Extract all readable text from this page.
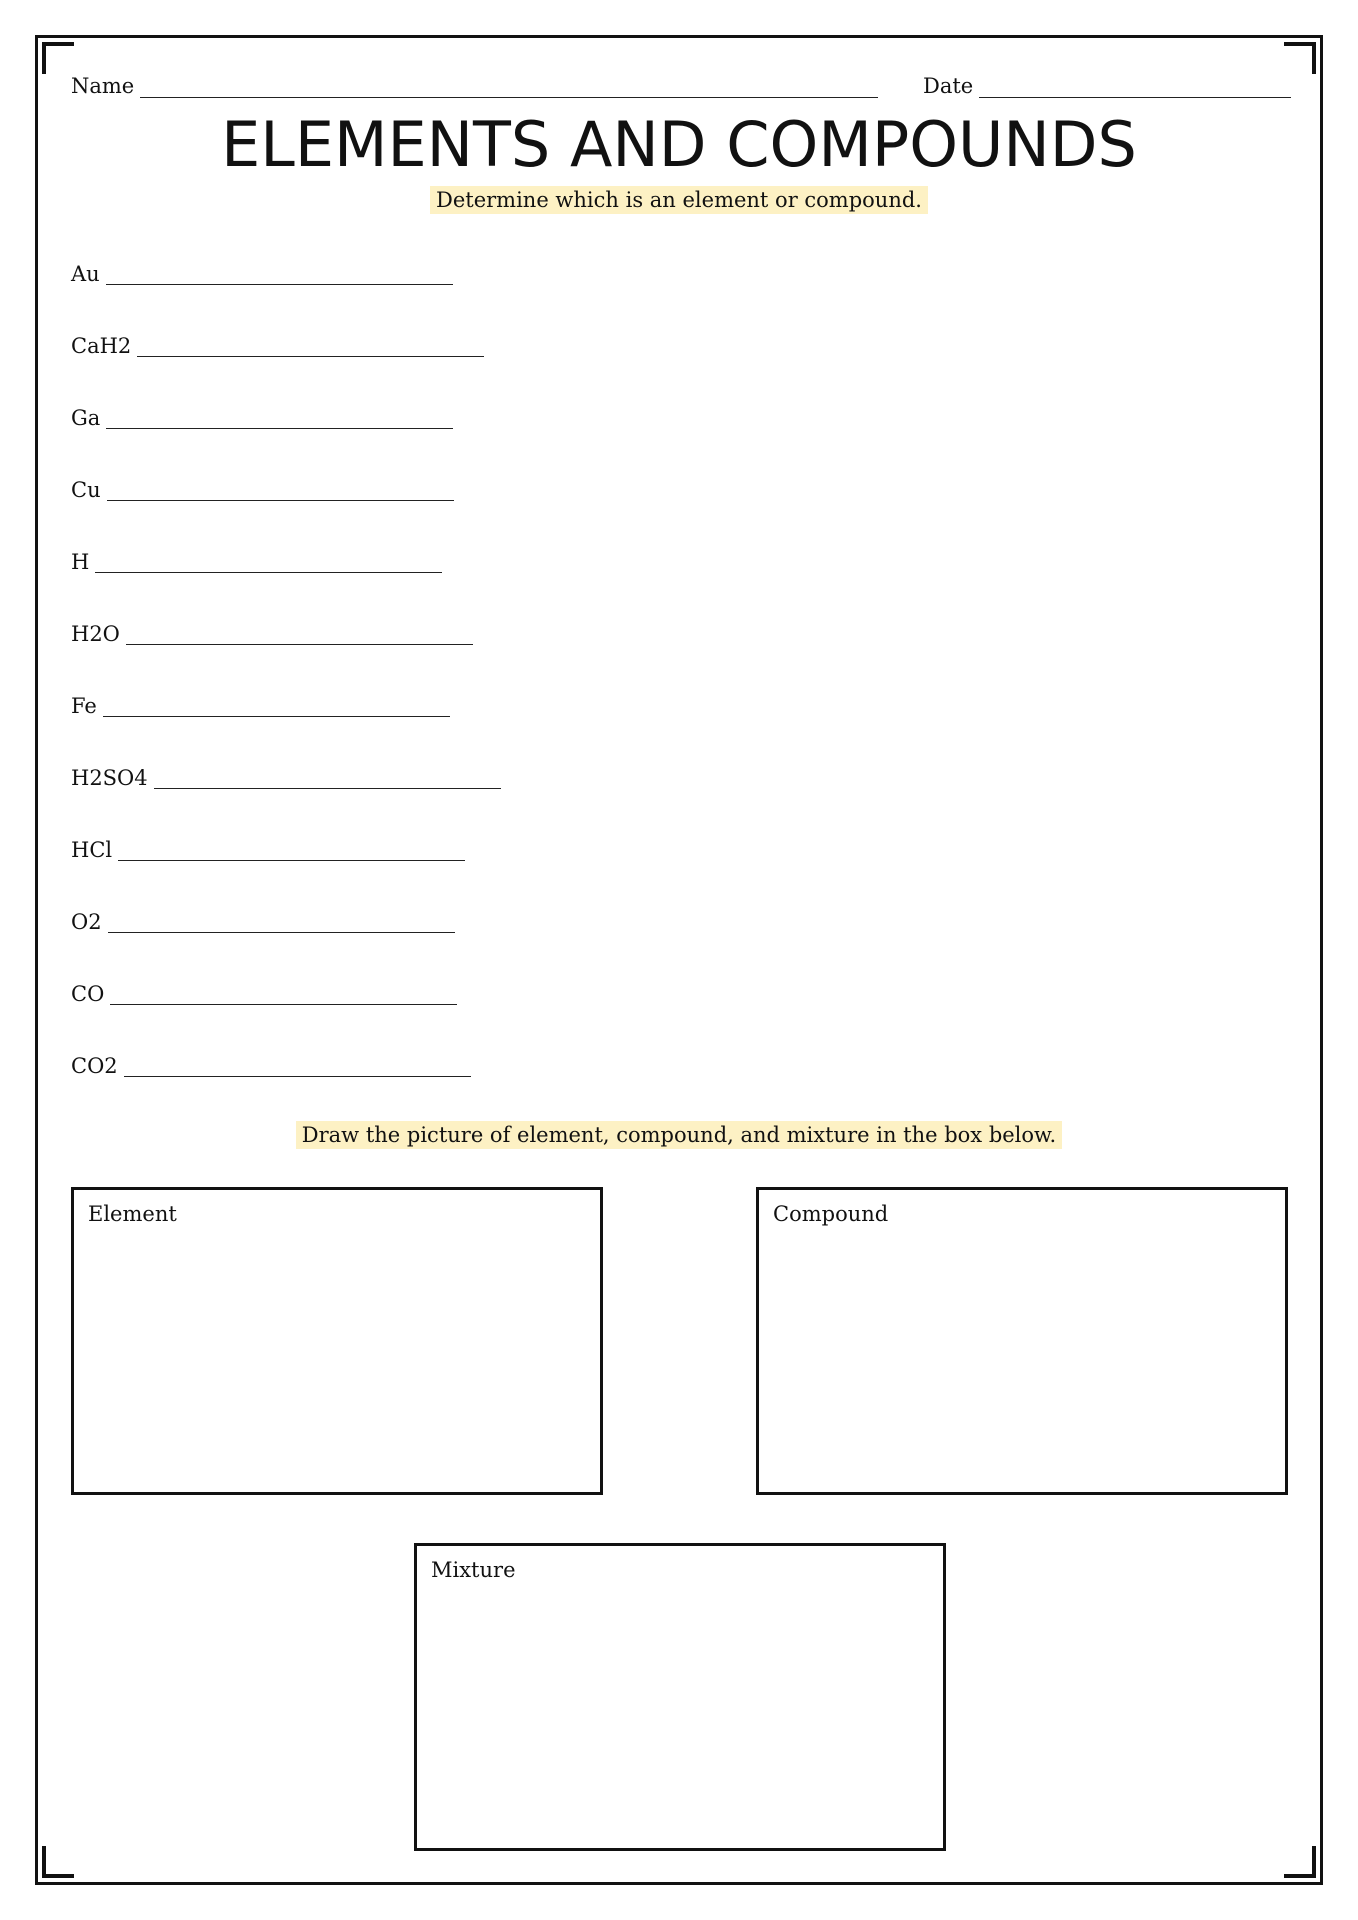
Name	Date
ELEMENTS AND COMPOUNDS
Determine which is an element or compound.
Au
CaH2
Ga
Cu
H
H2O
Fe
H2SO4
HCl
O2
CO
CO2
Draw the picture of element, compound, and mixture in the box below.
Element	Compound
Mixture
